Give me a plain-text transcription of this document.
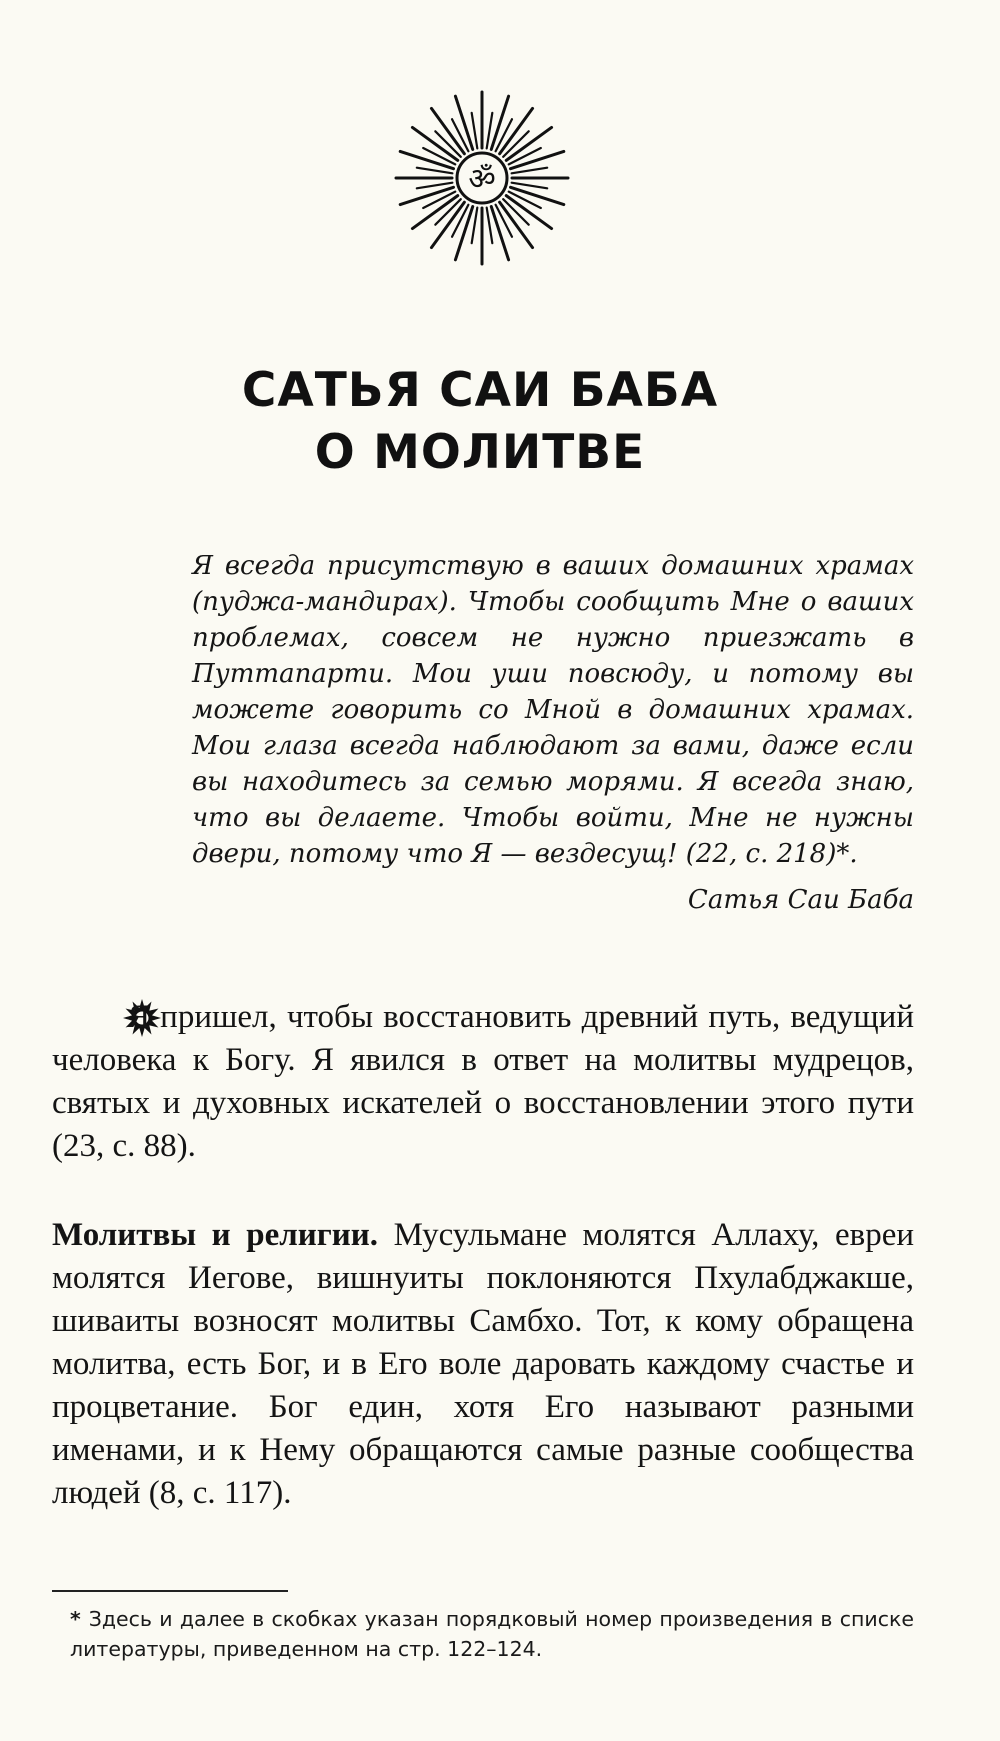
ॐ
САТЬЯ САИ БАБА
О МОЛИТВЕ
Я всегда присутствую в ваших домашних храмах (пуджа-мандирах). Чтобы сообщить Мне о ваших проблемах, совсем не нужно приезжать в Путтапарти. Мои уши повсюду, и потому вы можете говорить со Мной в домашних храмах. Мои глаза всегда наблюдают за вами, даже если вы находитесь за семью морями. Я всегда знаю, что вы делаете. Чтобы войти, Мне не нужны двери, потому что Я — вездесущ! (22, с. 218)*.
Сатья Саи Баба
Я пришел, чтобы восстановить древний путь, ведущий человека к Богу. Я явился в ответ на молитвы мудрецов, святых и духовных искателей о восстановлении этого пути (23, с. 88).
Молитвы и религии. Мусульмане молятся Аллаху, евреи молятся Иегове, вишнуиты поклоняются Пхулабджакше, шиваиты возносят молитвы Самбхо. Тот, к кому обращена молитва, есть Бог, и в Его воле даровать каждому счастье и процветание. Бог един, хотя Его называют разными именами, и к Нему обращаются самые разные сообщества людей (8, с. 117).
* Здесь и далее в скобках указан порядковый номер произведения в списке литературы, приведенном на стр. 122–124.
